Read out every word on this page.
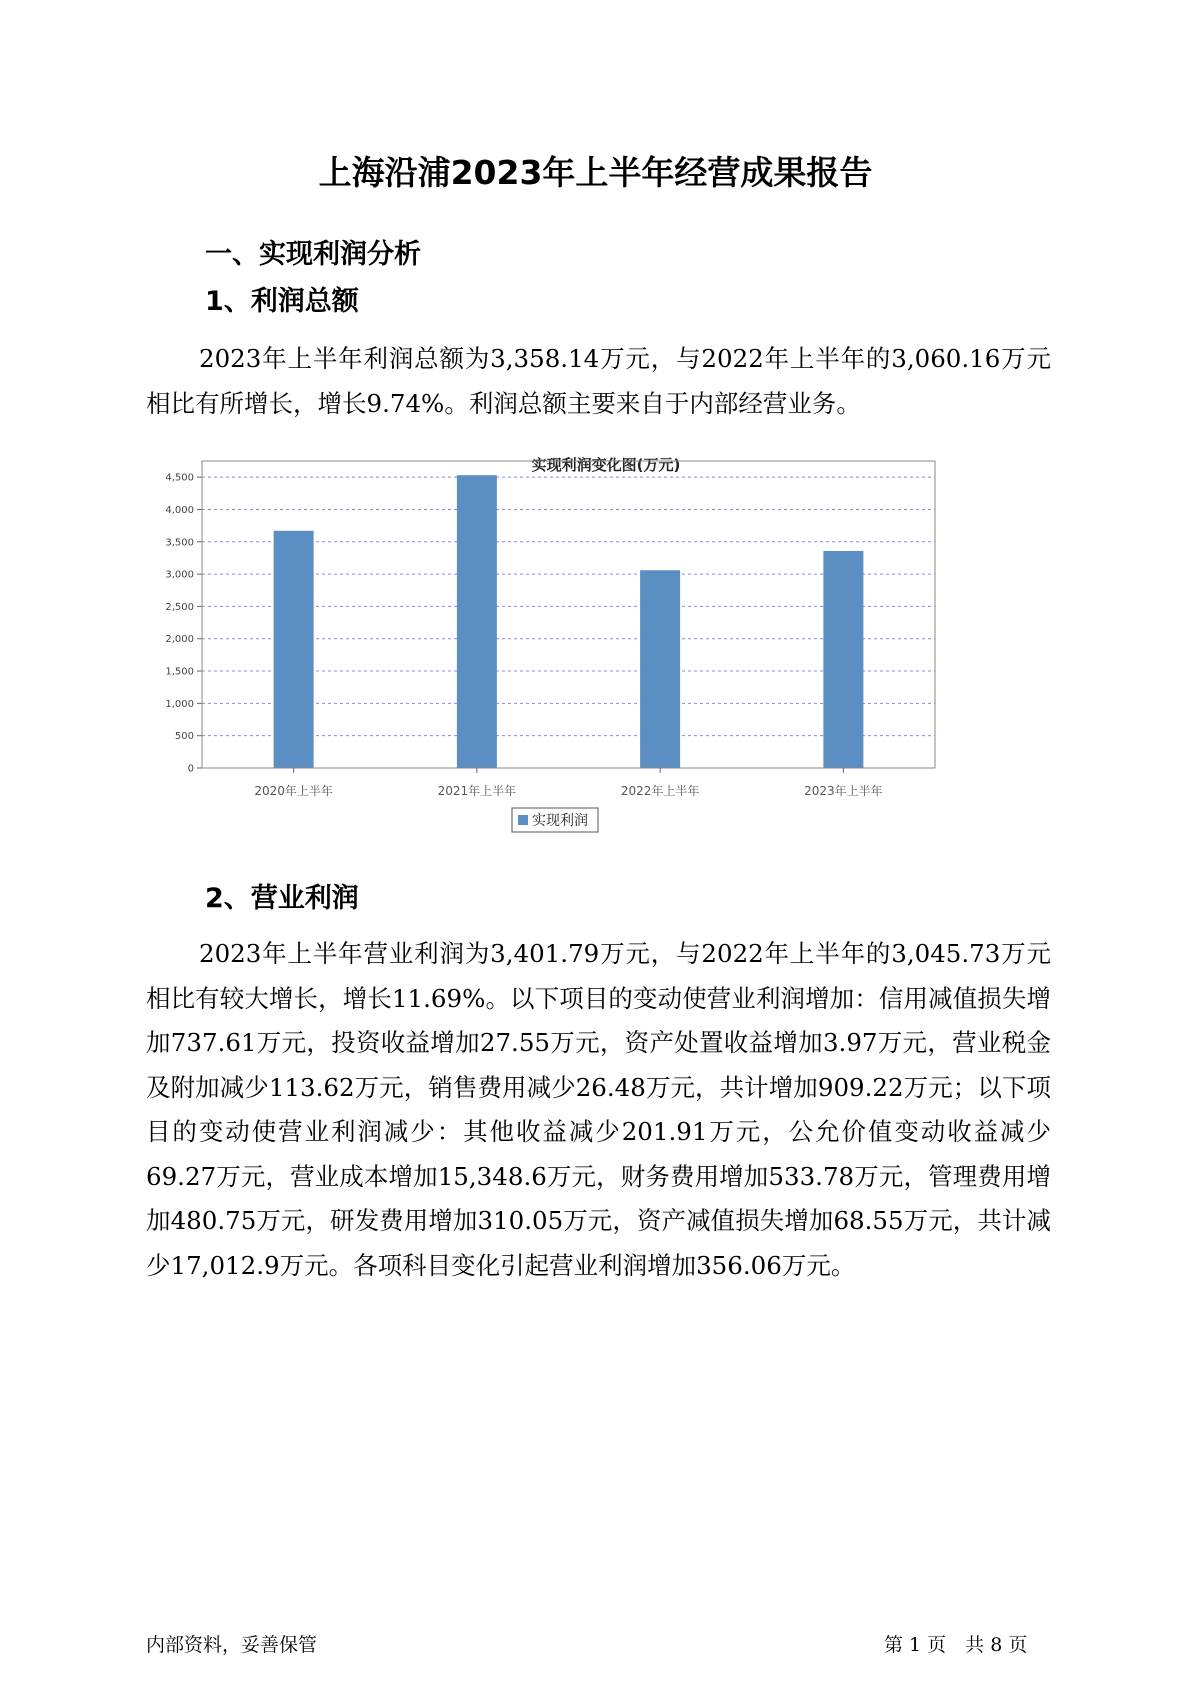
上海沿浦2023年上半年经营成果报告
一、实现利润分析
1、利润总额
2023年上半年利润总额为3,358.14万元，与2022年上半年的3,060.16万元相比有所增长，增长9.74%。利润总额主要来自于内部经营业务。
实现利润变化图(万元)
0
500
1,000
1,500
2,000
2,500
3,000
3,500
4,000
4,500
2020年上半年	2021年上半年	2022年上半年	2023年上半年
实现利润
2、营业利润
2023年上半年营业利润为3,401.79万元，与2022年上半年的3,045.73万元相比有较大增长，增长11.69%。以下项目的变动使营业利润增加：信用减值损失增加737.61万元，投资收益增加27.55万元，资产处置收益增加3.97万元，营业税金及附加减少113.62万元，销售费用减少26.48万元，共计增加909.22万元；以下项目的变动使营业利润减少：其他收益减少201.91万元，公允价值变动收益减少69.27万元，营业成本增加15,348.6万元，财务费用增加533.78万元，管理费用增加480.75万元，研发费用增加310.05万元，资产减值损失增加68.55万元，共计减少17,012.9万元。各项科目变化引起营业利润增加356.06万元。
内部资料，妥善保管	第 1 页　共 8 页
